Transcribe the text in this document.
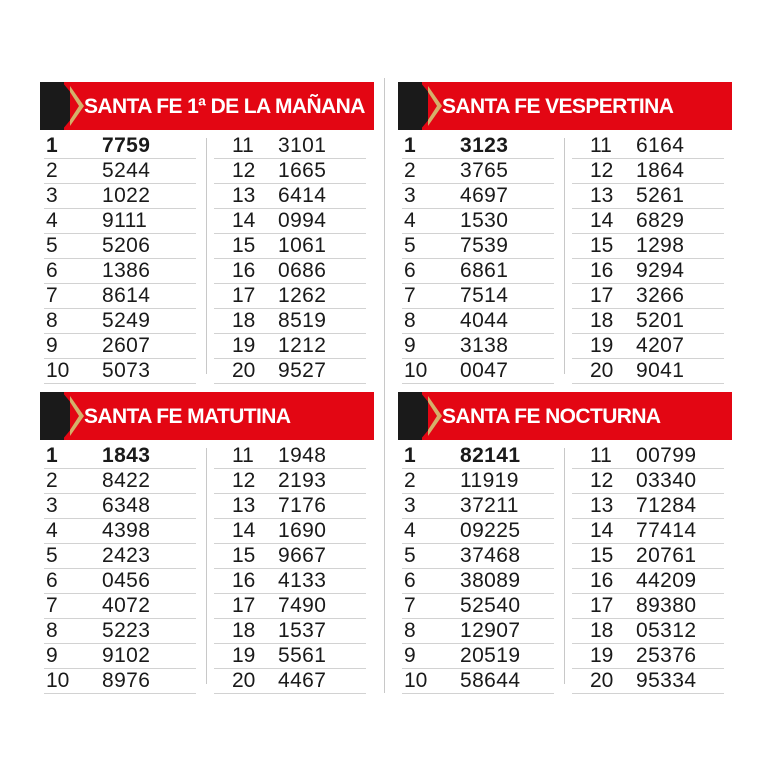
SANTA FE 1ª DE LA MAÑANA
1	7759
2	5244
3	1022
4	9111
5	5206
6	1386
7	8614
8	5249
9	2607
10	5073
11	3101
12	1665
13	6414
14	0994
15	1061
16	0686
17	1262
18	8519
19	1212
20	9527
SANTA FE VESPERTINA
1	3123
2	3765
3	4697
4	1530
5	7539
6	6861
7	7514
8	4044
9	3138
10	0047
11	6164
12	1864
13	5261
14	6829
15	1298
16	9294
17	3266
18	5201
19	4207
20	9041
SANTA FE MATUTINA
1	1843
2	8422
3	6348
4	4398
5	2423
6	0456
7	4072
8	5223
9	9102
10	8976
11	1948
12	2193
13	7176
14	1690
15	9667
16	4133
17	7490
18	1537
19	5561
20	4467
SANTA FE NOCTURNA
1	82141
2	11919
3	37211
4	09225
5	37468
6	38089
7	52540
8	12907
9	20519
10	58644
11	00799
12	03340
13	71284
14	77414
15	20761
16	44209
17	89380
18	05312
19	25376
20	95334
